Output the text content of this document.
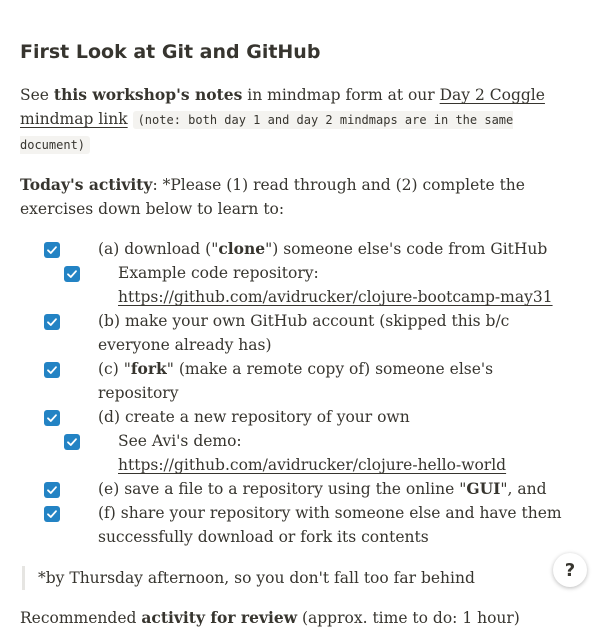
First Look at Git and GitHub

See this workshop's notes in mindmap form at our Day 2 Coggle mindmap link (note: both day 1 and day 2 mindmaps are in the same document)

Today's activity: *Please (1) read through and (2) complete the exercises down below to learn to:

(a) download ("clone") someone else's code from GitHub
Example code repository:
https://github.com/avidrucker/clojure-bootcamp-may31
(b) make your own GitHub account (skipped this b/c everyone already has)
(c) "fork" (make a remote copy of) someone else's repository
(d) create a new repository of your own
See Avi's demo:
https://github.com/avidrucker/clojure-hello-world
(e) save a file to a repository using the online "GUI", and
(f) share your repository with someone else and have them successfully download or fork its contents
*by Thursday afternoon, so you don't fall too far behind

Recommended activity for review (approx. time to do: 1 hour)

?
